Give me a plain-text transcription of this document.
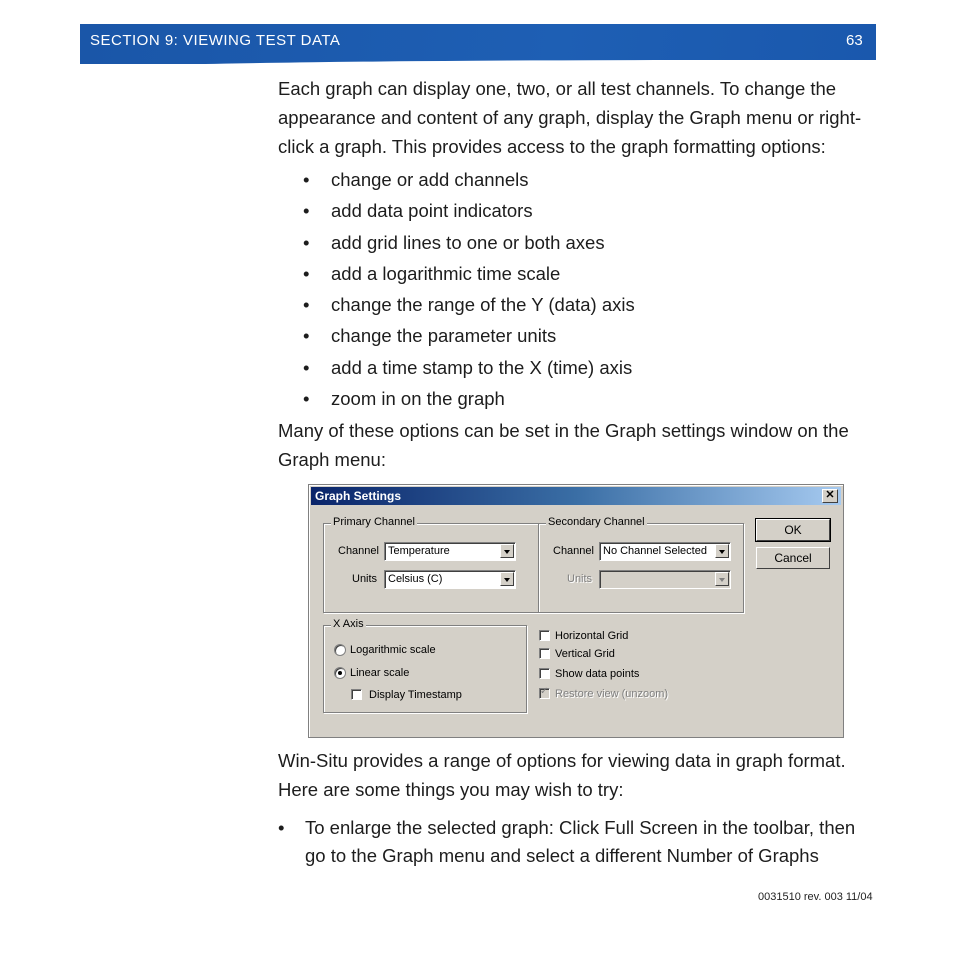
SECTION 9: VIEWING TEST DATA	63
Each graph can display one, two, or all test channels. To change the appearance and content of any graph, display the Graph menu or right-click a graph. This provides access to the graph formatting options:
• change or add channels
• add data point indicators
• add grid lines to one or both axes
• add a logarithmic time scale
• change the range of the Y (data) axis
• change the parameter units
• add a time stamp to the X (time) axis
• zoom in on the graph
Many of these options can be set in the Graph settings window on the Graph menu:
Graph Settings	✕
Primary Channel
Channel Temperature
Units Celsius (C)
Secondary Channel
Channel No Channel Selected
Units
OK
Cancel
X Axis
Logarithmic scale
Linear scale
Display Timestamp
Horizontal Grid
Vertical Grid
Show data points
✓
Restore view (unzoom)
Win-Situ provides a range of options for viewing data in graph format. Here are some things you may wish to try:
• To enlarge the selected graph: Click Full Screen in the toolbar, then go to the Graph menu and select a different Number of Graphs
0031510 rev. 003 11/04
